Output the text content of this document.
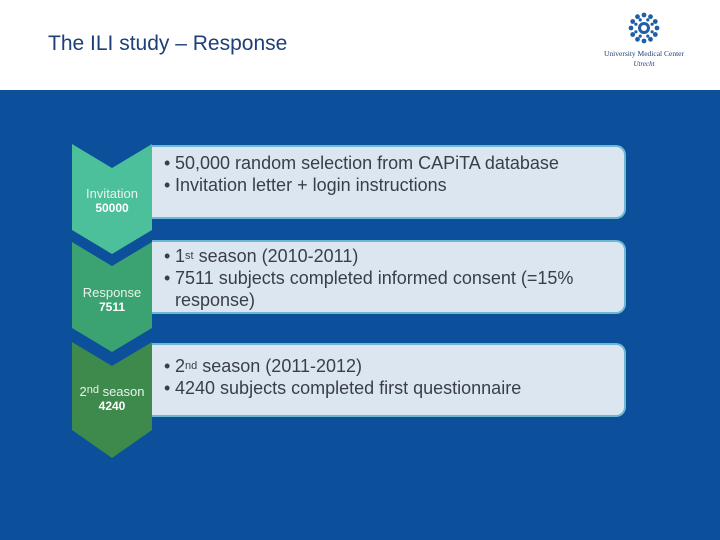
The ILI study – Response	University Medical Center
Utrecht
Invitation
50000
• 50,000 random selection from CAPiTA database
• Invitation letter + login instructions
Response
7511
• 1st season (2010-2011)
• 7511 subjects completed informed consent (=15% response)
2nd season
4240
• 2nd season (2011-2012)
• 4240 subjects completed first questionnaire
